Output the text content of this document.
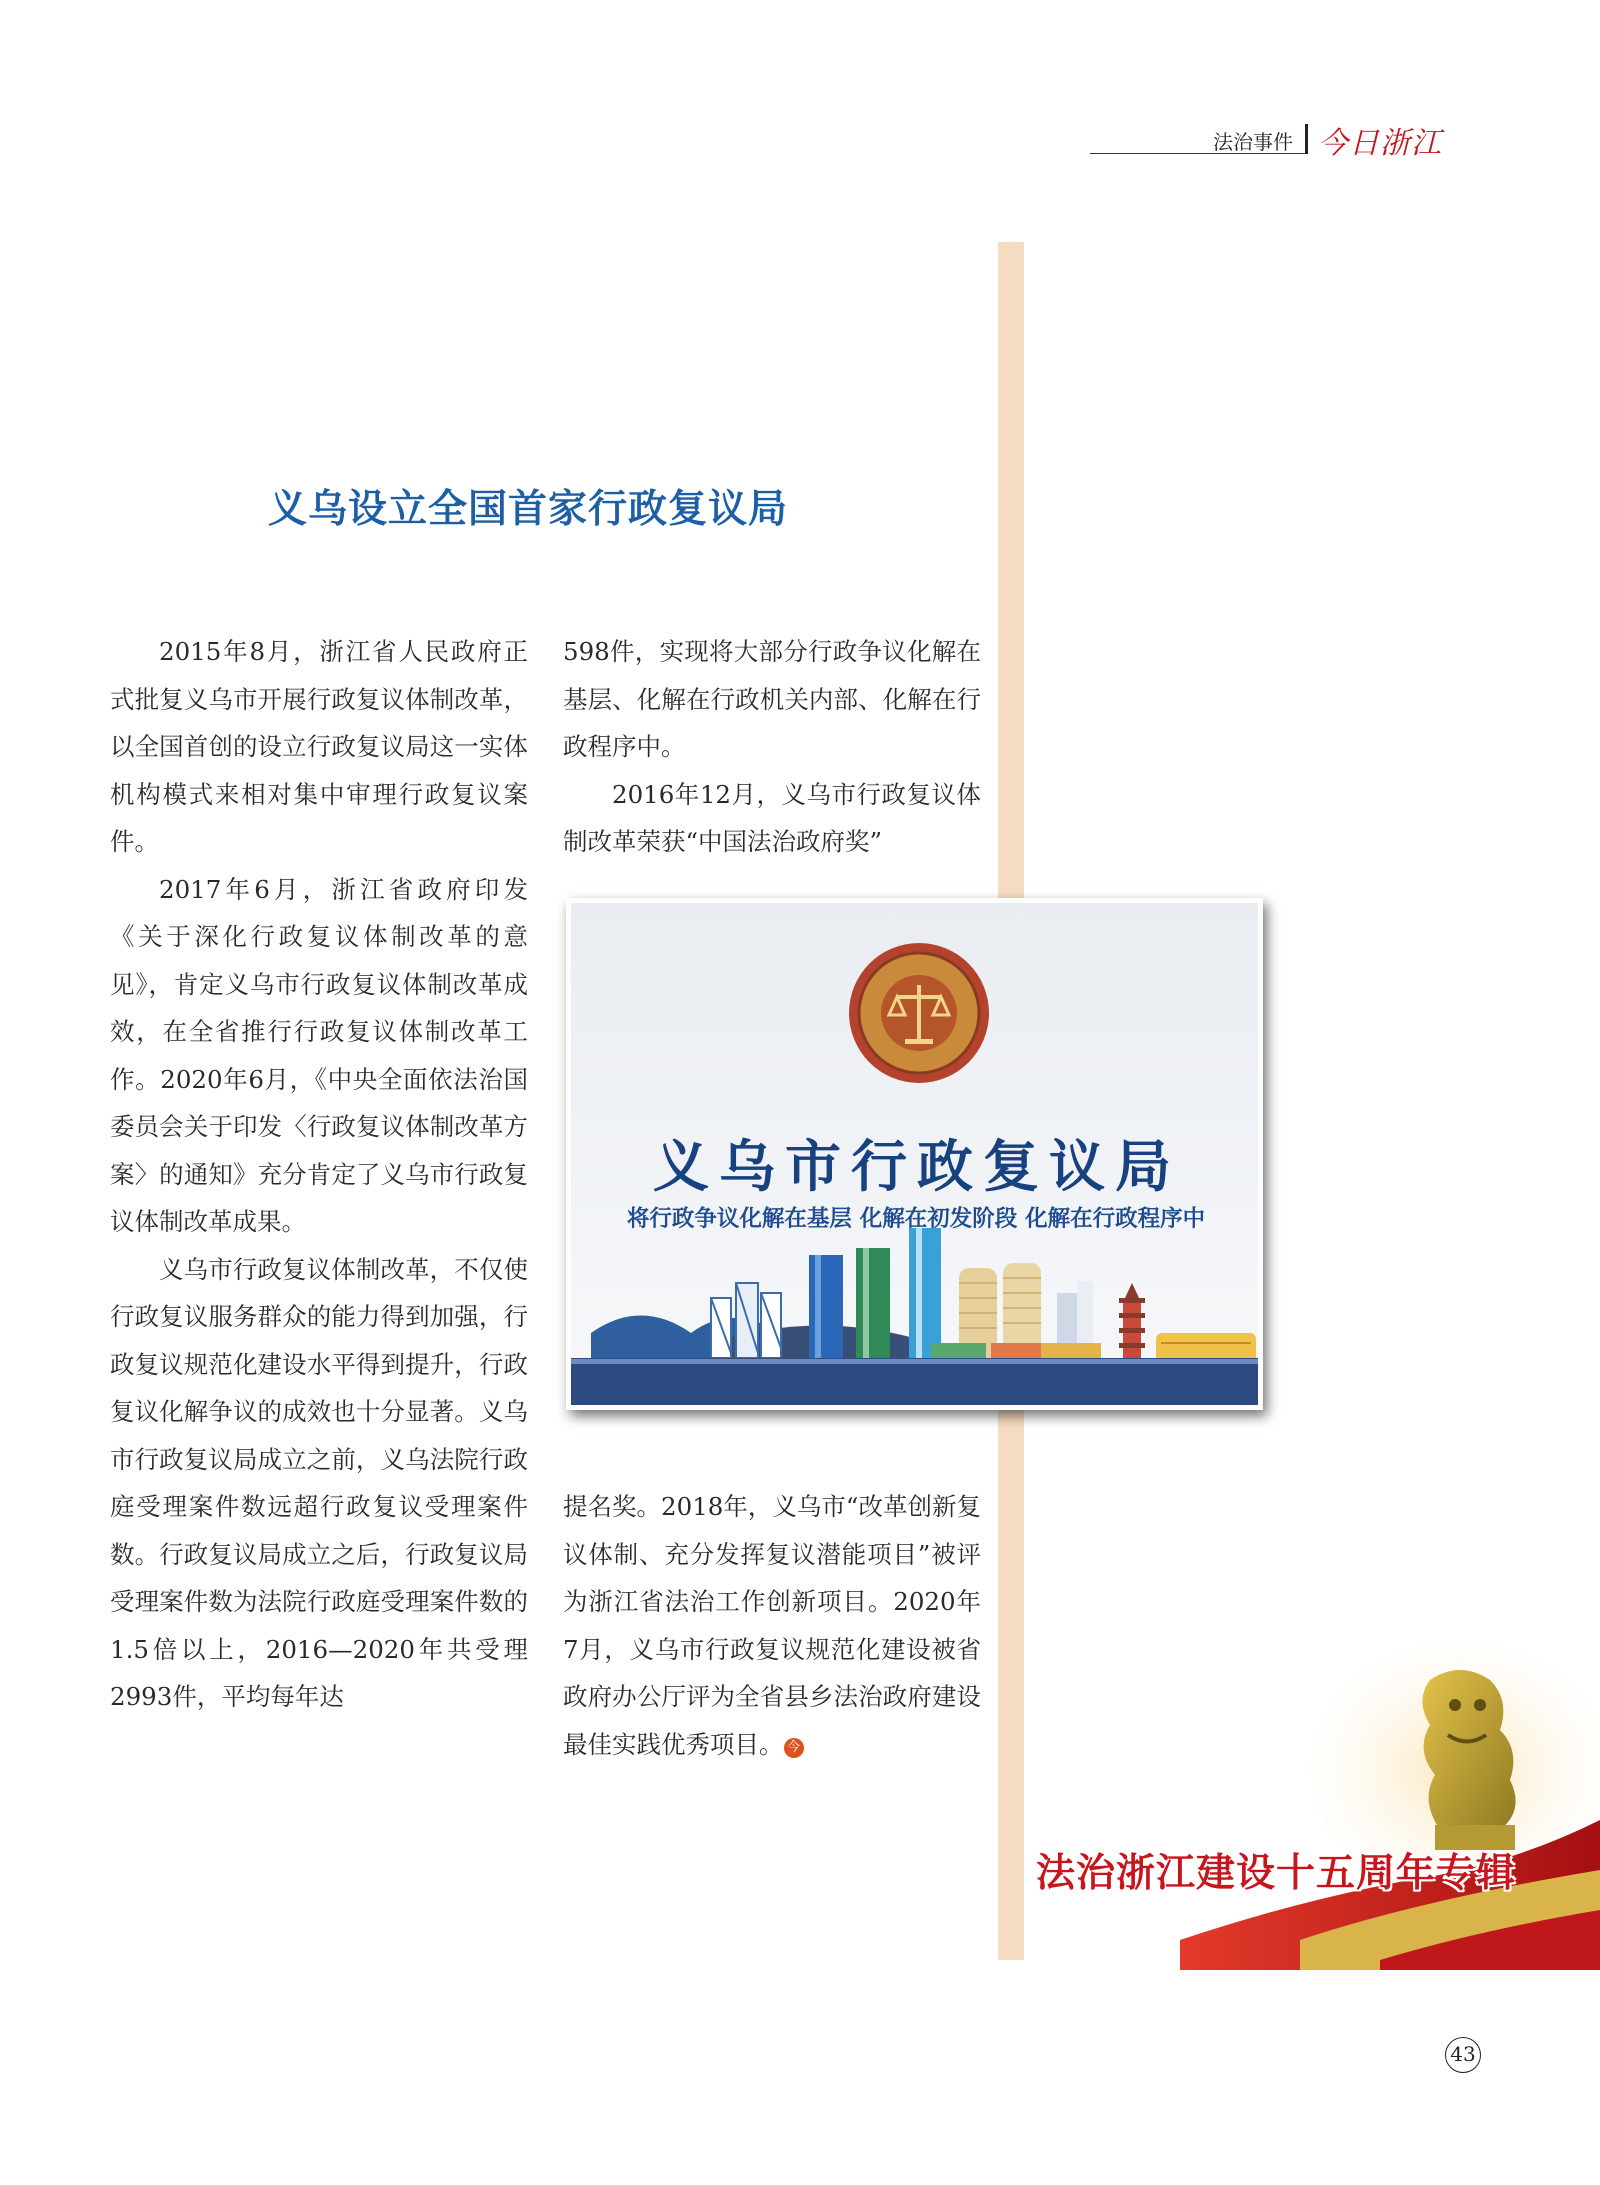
法治事件 今日浙江
义乌设立全国首家行政复议局

2015年8月，浙江省人民政府正式批复义乌市开展行政复议体制改革，以全国首创的设立行政复议局这一实体机构模式来相对集中审理行政复议案件。

2017年6月，浙江省政府印发《关于深化行政复议体制改革的意见》，肯定义乌市行政复议体制改革成效，在全省推行行政复议体制改革工作。2020年6月，《中央全面依法治国委员会关于印发〈行政复议体制改革方案〉的通知》充分肯定了义乌市行政复议体制改革成果。

义乌市行政复议体制改革，不仅使行政复议服务群众的能力得到加强，行政复议规范化建设水平得到提升，行政复议化解争议的成效也十分显著。义乌市行政复议局成立之前，义乌法院行政庭受理案件数远超行政复议受理案件数。行政复议局成立之后，行政复议局受理案件数为法院行政庭受理案件数的1.5倍以上，2016—2020年共受理2993件，平均每年达

598件，实现将大部分行政争议化解在基层、化解在行政机关内部、化解在行政程序中。

2016年12月，义乌市行政复议体制改革荣获“中国法治政府奖”

义乌市行政复议局
将行政争议化解在基层 化解在初发阶段 化解在行政程序中

提名奖。2018年，义乌市“改革创新复议体制、充分发挥复议潜能项目”被评为浙江省法治工作创新项目。2020年7月，义乌市行政复议规范化建设被省政府办公厅评为全省县乡法治政府建设最佳实践优秀项目。 今

法治浙江建设十五周年专辑
43
